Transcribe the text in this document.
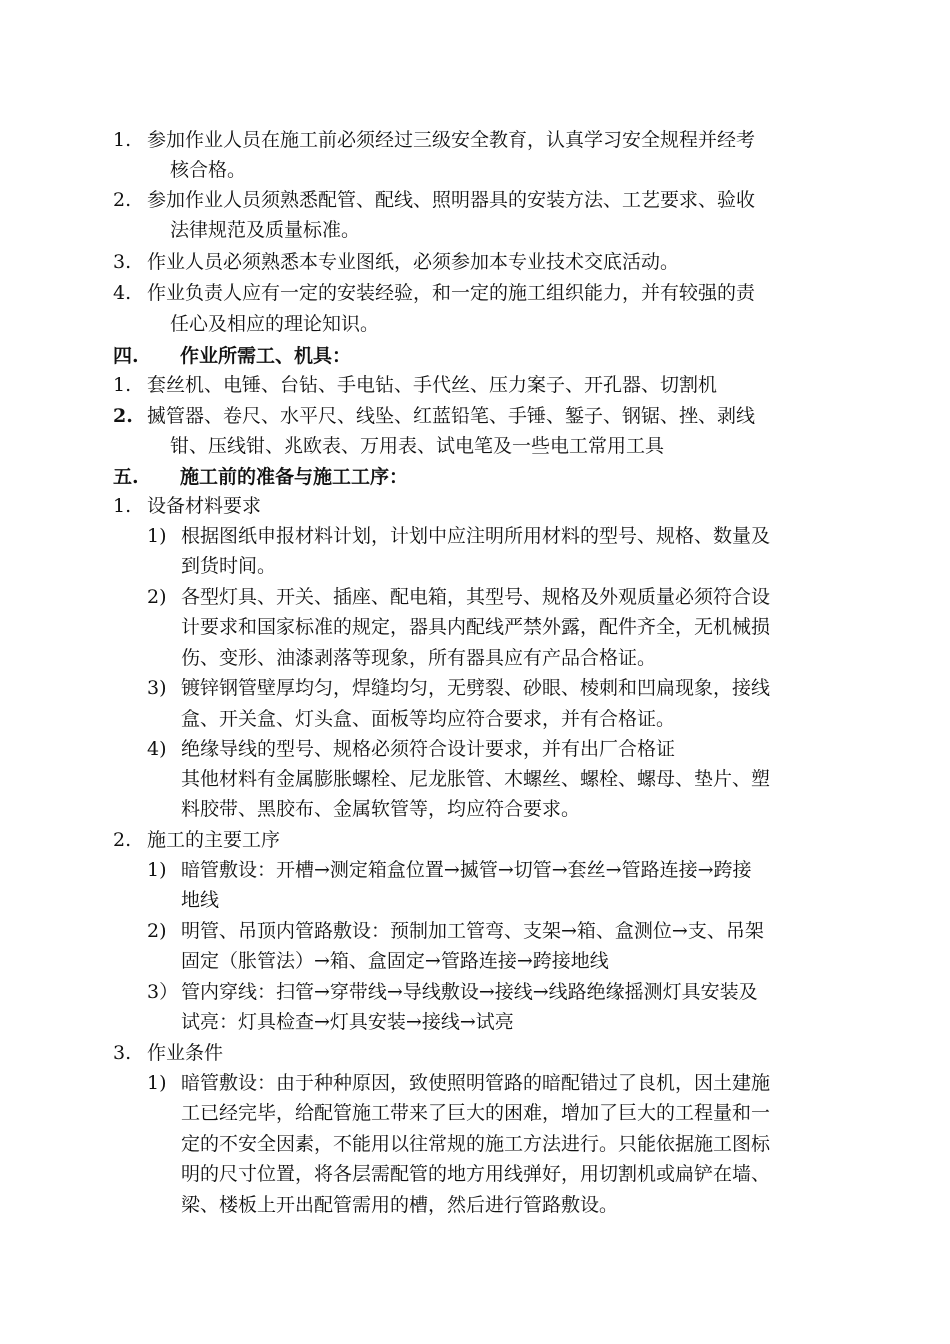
1. 参加作业人员在施工前必须经过三级安全教育，认真学习安全规程并经考
核合格。
2. 参加作业人员须熟悉配管、配线、照明器具的安装方法、工艺要求、验收
法律规范及质量标准。
3. 作业人员必须熟悉本专业图纸，必须参加本专业技术交底活动。
4. 作业负责人应有一定的安装经验，和一定的施工组织能力，并有较强的责
任心及相应的理论知识。
四. 作业所需工、机具：
1. 套丝机、电锤、台钻、手电钻、手代丝、压力案子、开孔器、切割机
2. 揻管器、卷尺、水平尺、线坠、红蓝铅笔、手锤、錾子、钢锯、挫、剥线
钳、压线钳、兆欧表、万用表、试电笔及一些电工常用工具
五. 施工前的准备与施工工序：
1. 设备材料要求
1) 根据图纸申报材料计划，计划中应注明所用材料的型号、规格、数量及
到货时间。
2) 各型灯具、开关、插座、配电箱，其型号、规格及外观质量必须符合设
计要求和国家标准的规定，器具内配线严禁外露，配件齐全，无机械损
伤、变形、油漆剥落等现象，所有器具应有产品合格证。
3) 镀锌钢管壁厚均匀，焊缝均匀，无劈裂、砂眼、棱刺和凹扁现象，接线
盒、开关盒、灯头盒、面板等均应符合要求，并有合格证。
4) 绝缘导线的型号、规格必须符合设计要求，并有出厂合格证
其他材料有金属膨胀螺栓、尼龙胀管、木螺丝、螺栓、螺母、垫片、塑
料胶带、黑胶布、金属软管等，均应符合要求。
2. 施工的主要工序
1) 暗管敷设：开槽→测定箱盒位置→揻管→切管→套丝→管路连接→跨接
地线
2) 明管、吊顶内管路敷设：预制加工管弯、支架→箱、盒测位→支、吊架
固定（胀管法）→箱、盒固定→管路连接→跨接地线
3） 管内穿线：扫管→穿带线→导线敷设→接线→线路绝缘摇测灯具安装及
试亮：灯具检查→灯具安装→接线→试亮
3. 作业条件
1) 暗管敷设：由于种种原因，致使照明管路的暗配错过了良机，因土建施
工已经完毕，给配管施工带来了巨大的困难，增加了巨大的工程量和一
定的不安全因素，不能用以往常规的施工方法进行。只能依据施工图标
明的尺寸位置，将各层需配管的地方用线弹好，用切割机或扁铲在墙、
梁、楼板上开出配管需用的槽，然后进行管路敷设。
